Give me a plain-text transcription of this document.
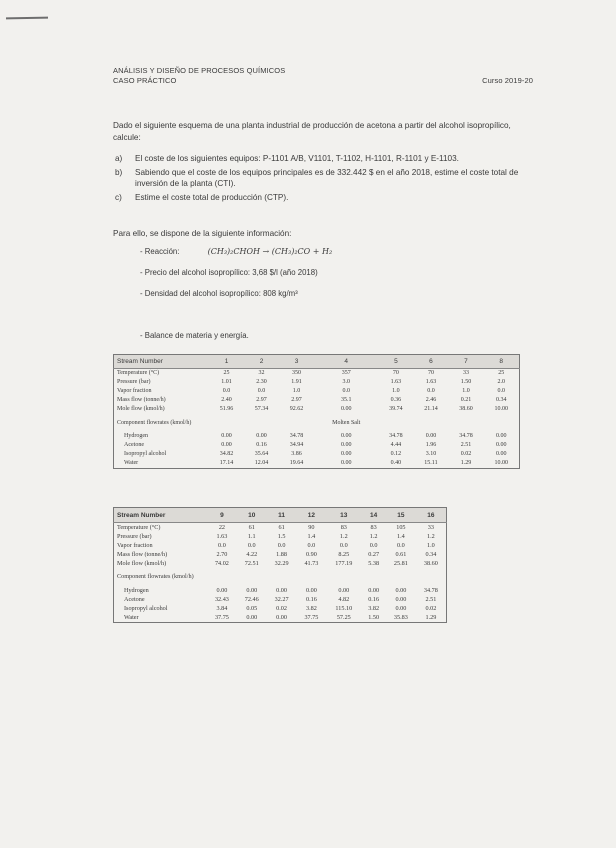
ANÁLISIS Y DISEÑO DE PROCESOS QUÍMICOS
CASO PRÁCTICO	Curso 2019-20
Dado el siguiente esquema de una planta industrial de producción de acetona a partir del alcohol isopropílico, calcule:
a)	El coste de los siguientes equipos: P-1101 A/B, V1101, T-1102, H-1101, R-1101 y E-1103.
b)	Sabiendo que el coste de los equipos principales es de 332.442 $ en el año 2018, estime el coste total de inversión de la planta (CTI).
c)	Estime el coste total de producción (CTP).
Para ello, se dispone de la siguiente información:
- Reacción:	(CH₃)₂CHOH → (CH₃)₂CO + H₂
- Precio del alcohol isopropílico: 3,68 $/l (año 2018)
- Densidad del alcohol isopropílico: 808 kg/m³
- Balance de materia y energía.
Stream Number	1	2	3	4	5	6	7	8
Temperature (°C)	25	32	350	357	70	70	33	25
Pressure (bar)	1.01	2.30	1.91	3.0	1.63	1.63	1.50	2.0
Vapor fraction	0.0	0.0	1.0	0.0	1.0	0.0	1.0	0.0
Mass flow (tonne/h)	2.40	2.97	2.97	35.1	0.36	2.46	0.21	0.34
Mole flow (kmol/h)	51.96	57.34	92.62	0.00	39.74	21.14	38.60	10.00
Component flowrates (kmol/h)				Molten Salt				
Hydrogen	0.00	0.00	34.78	0.00	34.78	0.00	34.78	0.00
Acetone	0.00	0.16	34.94	0.00	4.44	1.96	2.51	0.00
Isopropyl alcohol	34.82	35.64	3.86	0.00	0.12	3.10	0.02	0.00
Water	17.14	12.04	19.64	0.00	0.40	15.11	1.29	10.00
Stream Number	9	10	11	12	13	14	15	16
Temperature (°C)	22	61	61	90	83	83	105	33
Pressure (bar)	1.63	1.1	1.5	1.4	1.2	1.2	1.4	1.2
Vapor fraction	0.0	0.0	0.0	0.0	0.0	0.0	0.0	1.0
Mass flow (tonne/h)	2.70	4.22	1.88	0.90	8.25	0.27	0.61	0.34
Mole flow (kmol/h)	74.02	72.51	32.29	41.73	177.19	5.38	25.81	38.60
Component flowrates (kmol/h)								
Hydrogen	0.00	0.00	0.00	0.00	0.00	0.00	0.00	34.78
Acetone	32.43	72.46	32.27	0.16	4.82	0.16	0.00	2.51
Isopropyl alcohol	3.84	0.05	0.02	3.82	115.10	3.82	0.00	0.02
Water	37.75	0.00	0.00	37.75	57.25	1.50	35.83	1.29
